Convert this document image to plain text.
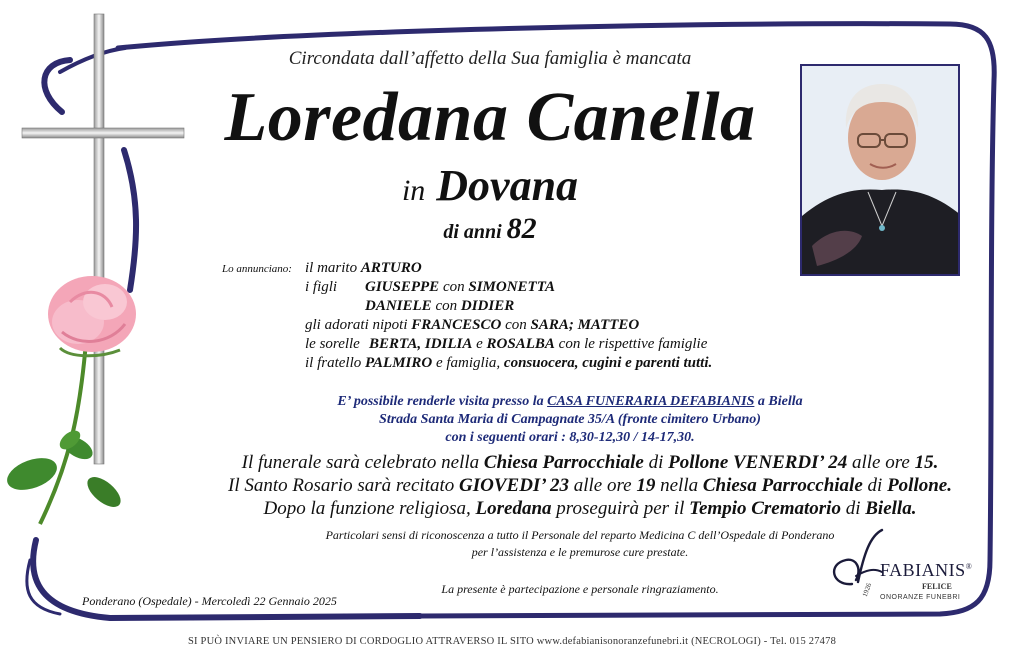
Circondata dall’affetto della Sua famiglia è mancata
Loredana Canella
in Dovana
di anni 82
Lo annunciano: il marito ARTURO
i figli GIUSEPPE con SIMONETTA
DANIELE con DIDIER
gli adorati nipoti FRANCESCO con SARA; MATTEO
le sorelleBERTA, IDILIA e ROSALBA con le rispettive famiglie
il fratello PALMIRO e famiglia, consuocera, cugini e parenti tutti.
E’ possibile renderle visita presso la CASA FUNERARIA DEFABIANIS a Biella
Strada Santa Maria di Campagnate 35/A (fronte cimitero Urbano)
con i seguenti orari : 8,30-12,30 / 14-17,30.
Il funerale sarà celebrato nella Chiesa Parrocchiale di Pollone VENERDI’ 24 alle ore 15.
Il Santo Rosario sarà recitato GIOVEDI’ 23 alle ore 19 nella Chiesa Parrocchiale di Pollone.
Dopo la funzione religiosa, Loredana proseguirà per il Tempio Crematorio di Biella.
Particolari sensi di riconoscenza a tutto il Personale del reparto Medicina C dell’Ospedale di Ponderano
per l’assistenza e le premurose cure prestate.
La presente è partecipazione e personale ringraziamento.
Ponderano (Ospedale) - Mercoledì 22 Gennaio 2025
FABIANIS®
FELICE
ONORANZE FUNEBRI
1926
SI PUÒ INVIARE UN PENSIERO DI CORDOGLIO ATTRAVERSO IL SITO www.defabianisonoranzefunebri.it (NECROLOGI) - Tel. 015 27478
